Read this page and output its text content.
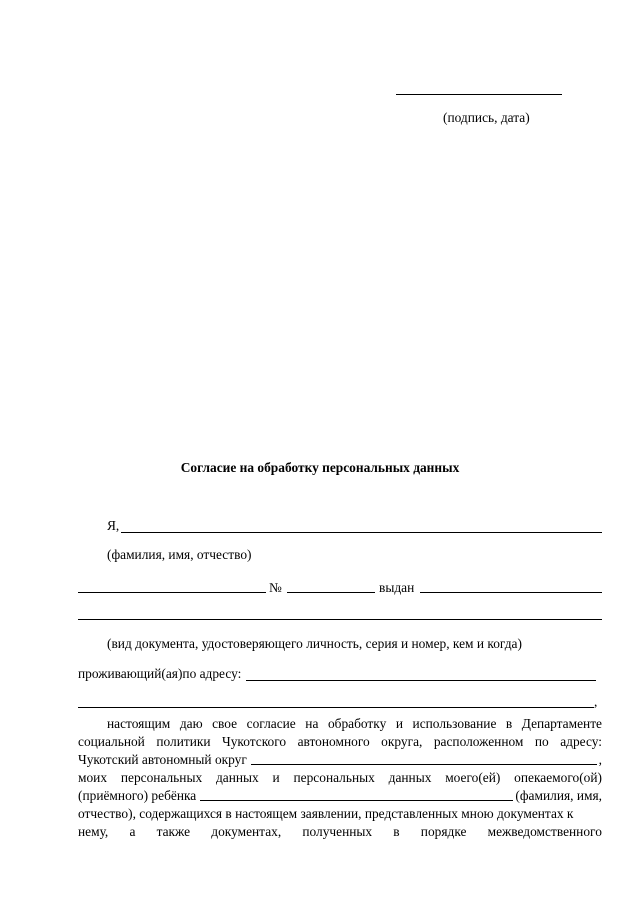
(подпись, дата)
Согласие на обработку персональных данных
Я,
(фамилия, имя, отчество)
№	выдан
(вид документа, удостоверяющего личность, серия и номер, кем и когда)
проживающий(ая)по адресу:
,
настоящим даю свое согласие на обработку и использование в Департаменте
социальной политики Чукотского автономного округа, расположенном по адресу:
Чукотский автономный округ	,
моих персональных данных и персональных данных моего(ей) опекаемого(ой)
(приёмного) ребёнка	(фамилия, имя,
отчество), содержащихся в настоящем заявлении, представленных мною документах к
нему, а также документах, полученных в порядке межведомственного
